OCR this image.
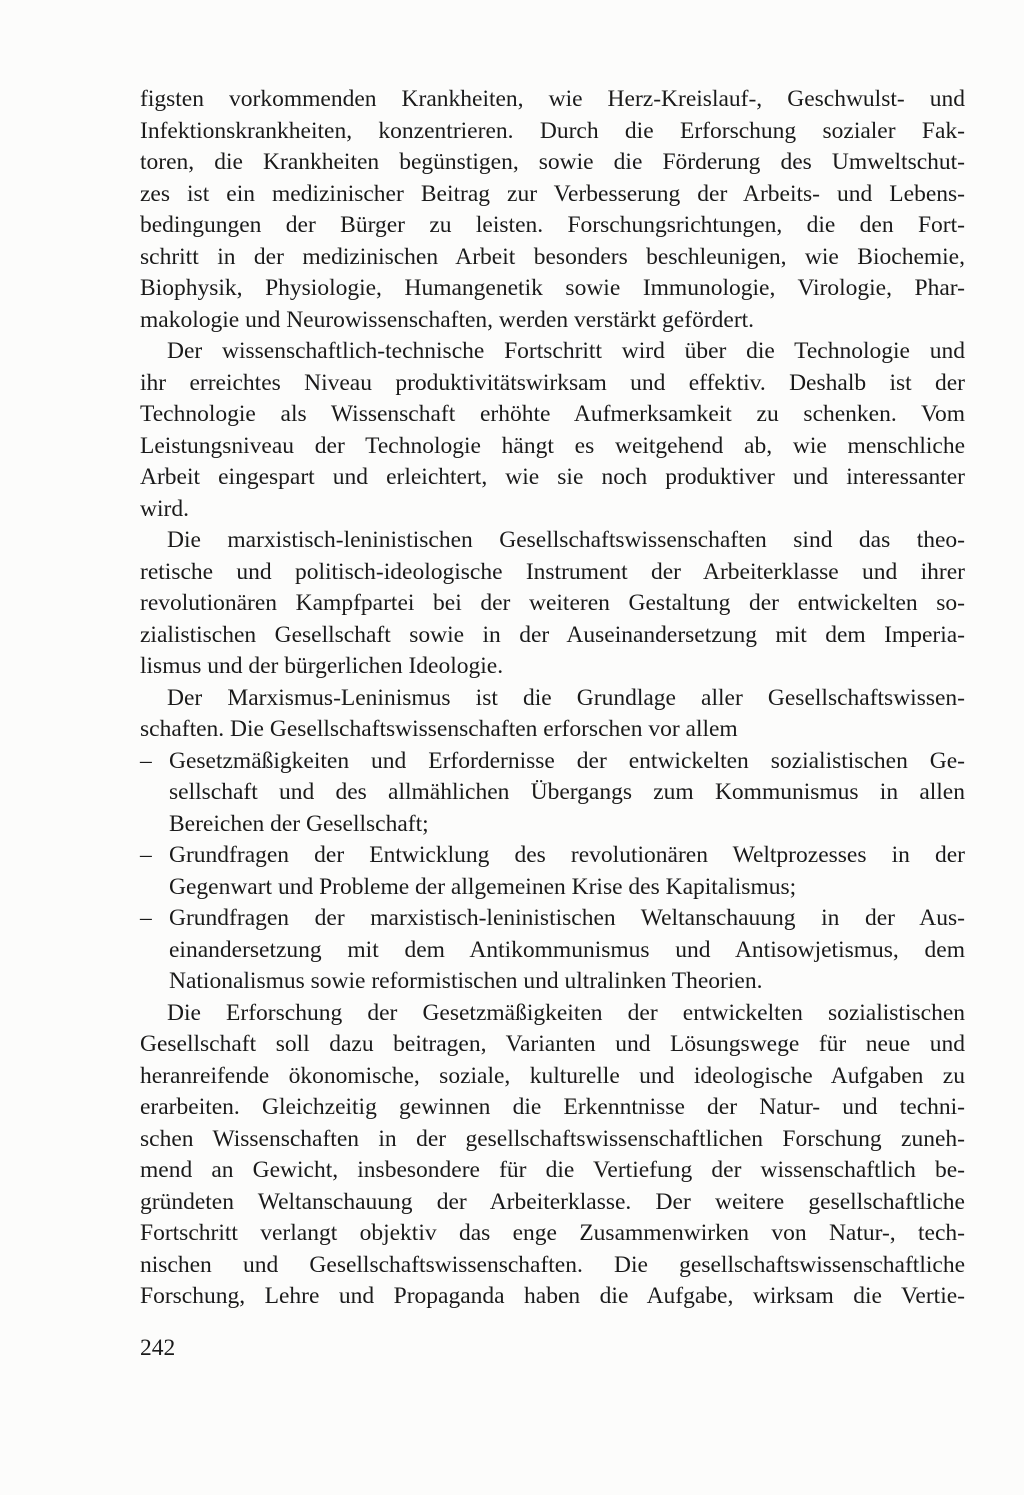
figsten vorkommenden Krankheiten, wie Herz-Kreislauf-, Geschwulst- und
Infektionskrankheiten, konzentrieren. Durch die Erforschung sozialer Fak-
toren, die Krankheiten begünstigen, sowie die Förderung des Umweltschut-
zes ist ein medizinischer Beitrag zur Verbesserung der Arbeits- und Lebens-
bedingungen der Bürger zu leisten. Forschungsrichtungen, die den Fort-
schritt in der medizinischen Arbeit besonders beschleunigen, wie Biochemie,
Biophysik, Physiologie, Humangenetik sowie Immunologie, Virologie, Phar-
makologie und Neurowissenschaften, werden verstärkt gefördert.
Der wissenschaftlich-technische Fortschritt wird über die Technologie und
ihr erreichtes Niveau produktivitätswirksam und effektiv. Deshalb ist der
Technologie als Wissenschaft erhöhte Aufmerksamkeit zu schenken. Vom
Leistungsniveau der Technologie hängt es weitgehend ab, wie menschliche
Arbeit eingespart und erleichtert, wie sie noch produktiver und interessanter
wird.
Die marxistisch-leninistischen Gesellschaftswissenschaften sind das theo-
retische und politisch-ideologische Instrument der Arbeiterklasse und ihrer
revolutionären Kampfpartei bei der weiteren Gestaltung der entwickelten so-
zialistischen Gesellschaft sowie in der Auseinandersetzung mit dem Imperia-
lismus und der bürgerlichen Ideologie.
Der Marxismus-Leninismus ist die Grundlage aller Gesellschaftswissen-
schaften. Die Gesellschaftswissenschaften erforschen vor allem
– Gesetzmäßigkeiten und Erfordernisse der entwickelten sozialistischen Ge-
sellschaft und des allmählichen Übergangs zum Kommunismus in allen
Bereichen der Gesellschaft;
– Grundfragen der Entwicklung des revolutionären Weltprozesses in der
Gegenwart und Probleme der allgemeinen Krise des Kapitalismus;
– Grundfragen der marxistisch-leninistischen Weltanschauung in der Aus-
einandersetzung mit dem Antikommunismus und Antisowjetismus, dem
Nationalismus sowie reformistischen und ultralinken Theorien.
Die Erforschung der Gesetzmäßigkeiten der entwickelten sozialistischen
Gesellschaft soll dazu beitragen, Varianten und Lösungswege für neue und
heranreifende ökonomische, soziale, kulturelle und ideologische Aufgaben zu
erarbeiten. Gleichzeitig gewinnen die Erkenntnisse der Natur- und techni-
schen Wissenschaften in der gesellschaftswissenschaftlichen Forschung zuneh-
mend an Gewicht, insbesondere für die Vertiefung der wissenschaftlich be-
gründeten Weltanschauung der Arbeiterklasse. Der weitere gesellschaftliche
Fortschritt verlangt objektiv das enge Zusammenwirken von Natur-, tech-
nischen und Gesellschaftswissenschaften. Die gesellschaftswissenschaftliche
Forschung, Lehre und Propaganda haben die Aufgabe, wirksam die Vertie-
242
